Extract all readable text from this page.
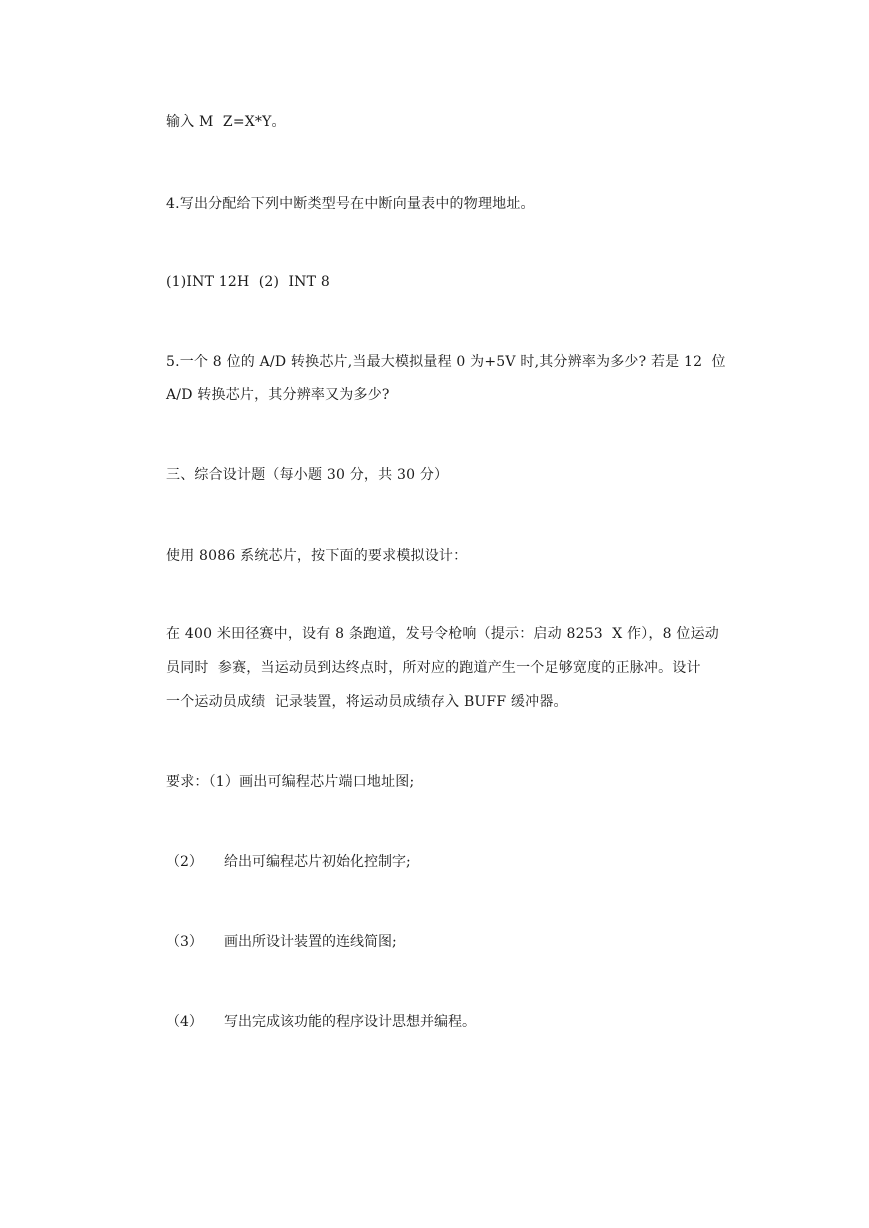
输入 M  Z=X*Y。
4.写出分配给下列中断类型号在中断向量表中的物理地址。
(1)INT 12H  (2)  INT 8
5.一个 8 位的 A/D 转换芯片,当最大模拟量程 0 为+5V 时,其分辨率为多少? 若是 12  位
A/D 转换芯片，其分辨率又为多少?
三、综合设计题（每小题 30 分，共 30 分）
使用 8086 系统芯片，按下面的要求模拟设计：
在 400 米田径赛中，设有 8 条跑道，发号令枪响（提示：启动 8253  X 作），8 位运动
员同时  参赛，当运动员到达终点时，所对应的跑道产生一个足够宽度的正脉冲。设计
一个运动员成绩  记录装置，将运动员成绩存入 BUFF 缓冲器。
要求：（1）画出可编程芯片端口地址图;
（2） 给出可编程芯片初始化控制字;
（3） 画出所设计装置的连线简图;
（4） 写出完成该功能的程序设计思想并编程。
